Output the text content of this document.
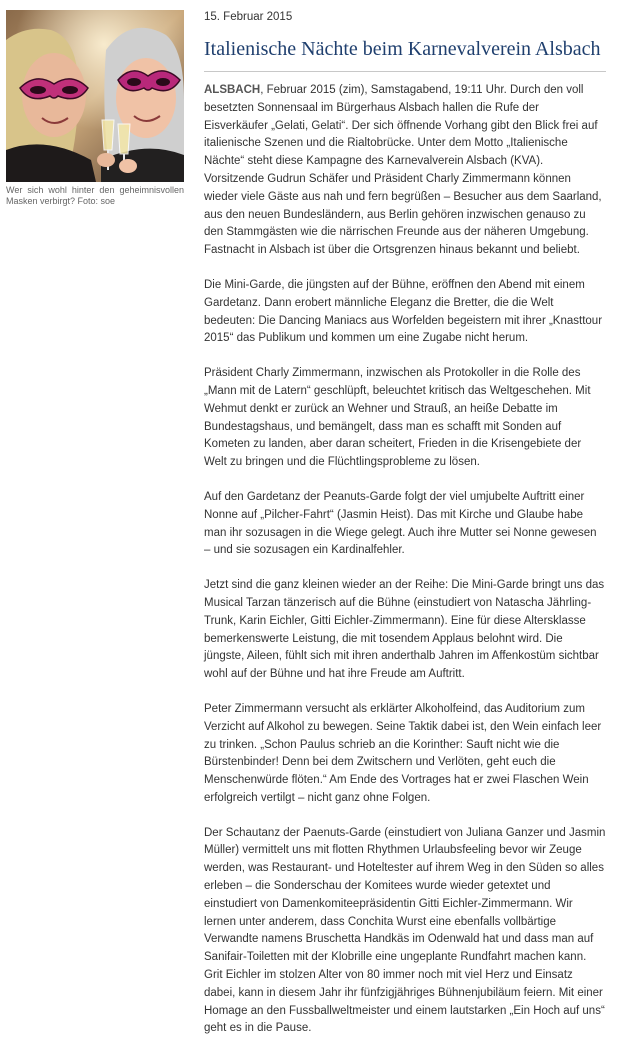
Wer sich wohl hinter den geheimnisvollen Masken verbirgt? Foto: soe
15. Februar 2015
Italienische Nächte beim Karnevalverein Alsbach

ALSBACH, Februar 2015 (zim), Samstagabend, 19:11 Uhr. Durch den voll besetzten Sonnensaal im Bürgerhaus Alsbach hallen die Rufe der Eisverkäufer „Gelati, Gelati“. Der sich öffnende Vorhang gibt den Blick frei auf italienische Szenen und die Rialtobrücke. Unter dem Motto „Italienische Nächte“ steht diese Kampagne des Karnevalverein Alsbach (KVA). Vorsitzende Gudrun Schäfer und Präsident Charly Zimmermann können wieder viele Gäste aus nah und fern begrüßen – Besucher aus dem Saarland, aus den neuen Bundesländern, aus Berlin gehören inzwischen genauso zu den Stammgästen wie die närrischen Freunde aus der näheren Umgebung. Fastnacht in Alsbach ist über die Ortsgrenzen hinaus bekannt und beliebt.

Die Mini-Garde, die jüngsten auf der Bühne, eröffnen den Abend mit einem Gardetanz. Dann erobert männliche Eleganz die Bretter, die die Welt bedeuten: Die Dancing Maniacs aus Worfelden begeistern mit ihrer „Knasttour 2015“ das Publikum und kommen um eine Zugabe nicht herum.

Präsident Charly Zimmermann, inzwischen als Protokoller in die Rolle des „Mann mit de Latern“ geschlüpft, beleuchtet kritisch das Weltgeschehen. Mit Wehmut denkt er zurück an Wehner und Strauß, an heiße Debatte im Bundestagshaus, und bemängelt, dass man es schafft mit Sonden auf Kometen zu landen, aber daran scheitert, Frieden in die Krisengebiete der Welt zu bringen und die Flüchtlingsprobleme zu lösen.

Auf den Gardetanz der Peanuts-Garde folgt der viel umjubelte Auftritt einer Nonne auf „Pilcher-Fahrt“ (Jasmin Heist). Das mit Kirche und Glaube habe man ihr sozusagen in die Wiege gelegt. Auch ihre Mutter sei Nonne gewesen – und sie sozusagen ein Kardinalfehler.

Jetzt sind die ganz kleinen wieder an der Reihe: Die Mini-Garde bringt uns das Musical Tarzan tänzerisch auf die Bühne (einstudiert von Natascha Jährling-Trunk, Karin Eichler, Gitti Eichler-Zimmermann). Eine für diese Altersklasse bemerkenswerte Leistung, die mit tosendem Applaus belohnt wird. Die jüngste, Aileen, fühlt sich mit ihren anderthalb Jahren im Affenkostüm sichtbar wohl auf der Bühne und hat ihre Freude am Auftritt.

Peter Zimmermann versucht als erklärter Alkoholfeind, das Auditorium zum Verzicht auf Alkohol zu bewegen. Seine Taktik dabei ist, den Wein einfach leer zu trinken. „Schon Paulus schrieb an die Korinther: Sauft nicht wie die Bürstenbinder! Denn bei dem Zwitschern und Verlöten, geht euch die Menschenwürde flöten.“ Am Ende des Vortrages hat er zwei Flaschen Wein erfolgreich vertilgt – nicht ganz ohne Folgen.

Der Schautanz der Paenuts-Garde (einstudiert von Juliana Ganzer und Jasmin Müller) vermittelt uns mit flotten Rhythmen Urlaubsfeeling bevor wir Zeuge werden, was Restaurant- und Hoteltester auf ihrem Weg in den Süden so alles erleben – die Sonderschau der Komitees wurde wieder getextet und einstudiert von Damenkomiteepräsidentin Gitti Eichler-Zimmermann. Wir lernen unter anderem, dass Conchita Wurst eine ebenfalls vollbärtige Verwandte namens Bruschetta Handkäs im Odenwald hat und dass man auf Sanifair-Toiletten mit der Klobrille eine ungeplante Rundfahrt machen kann. Grit Eichler im stolzen Alter von 80 immer noch mit viel Herz und Einsatz dabei, kann in diesem Jahr ihr fünfzigjähriges Bühnenjubiläum feiern. Mit einer Homage an den Fussballweltmeister und einem lautstarken „Ein Hoch auf uns“ geht es in die Pause.
